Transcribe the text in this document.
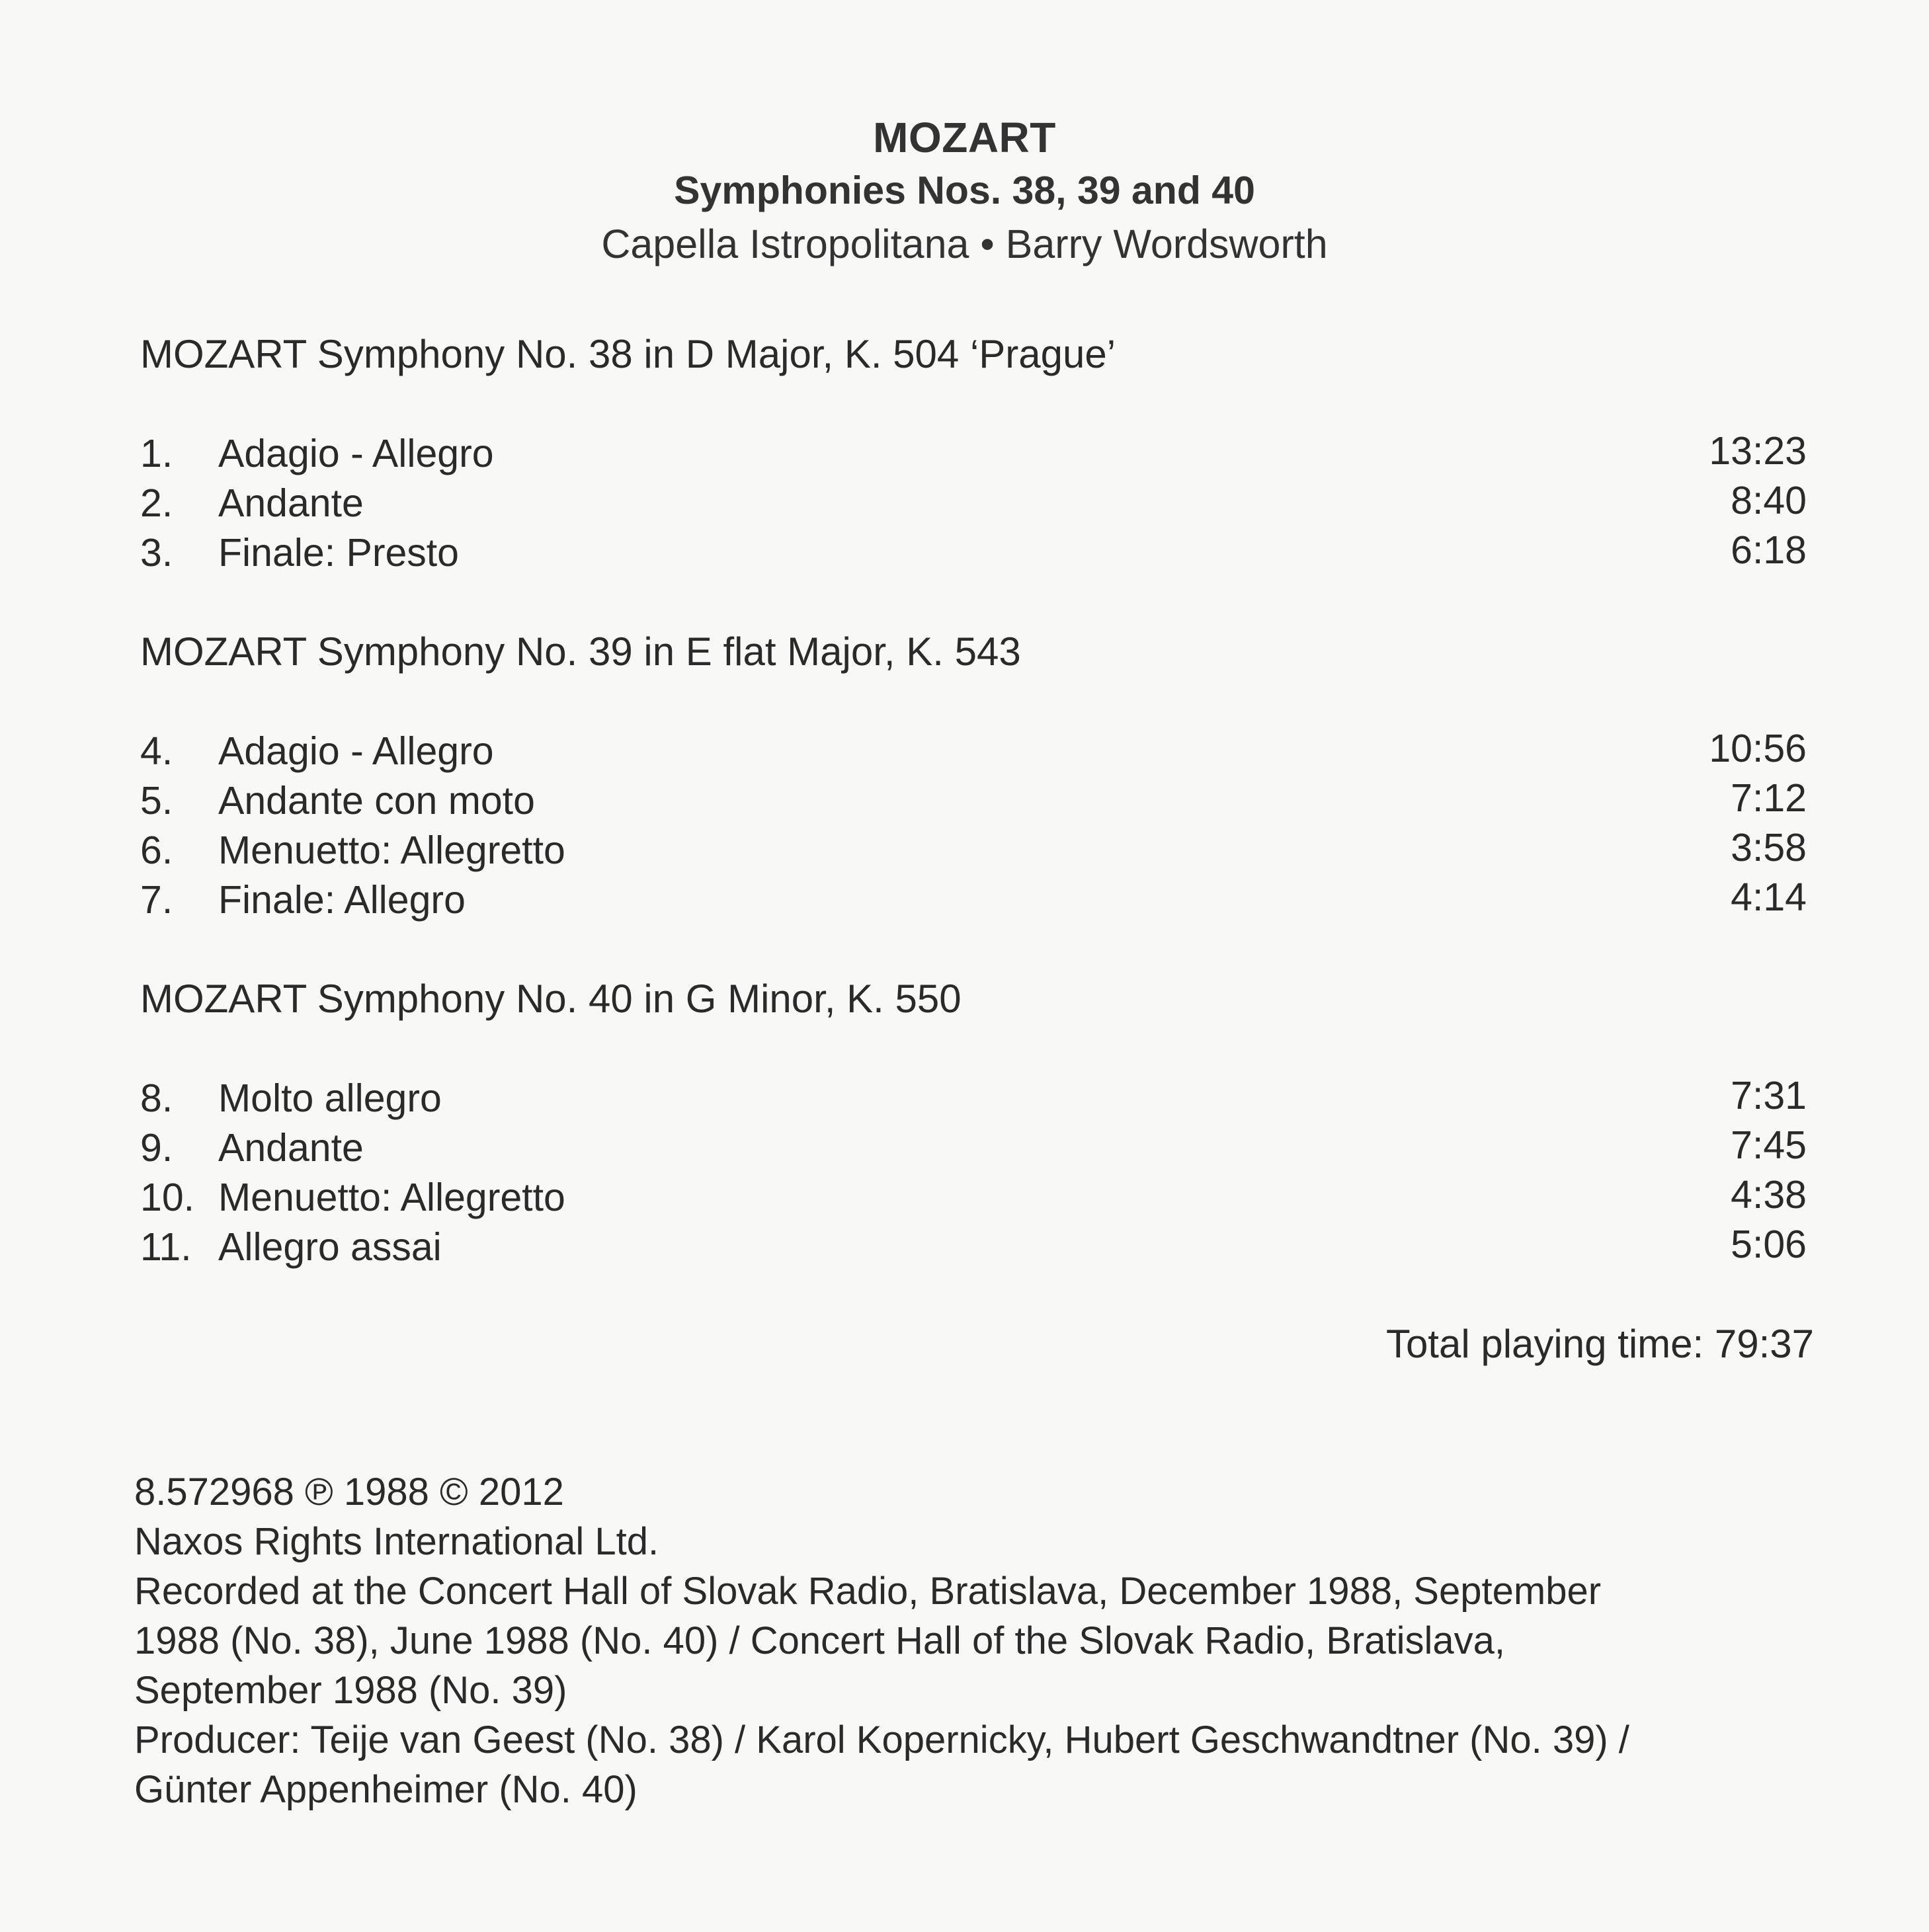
MOZART
Symphonies Nos. 38, 39 and 40
Capella Istropolitana • Barry Wordsworth
MOZART Symphony No. 38 in D Major, K. 504 ‘Prague’
1. Adagio - Allegro	13:23
2. Andante	8:40
3. Finale: Presto	6:18
MOZART Symphony No. 39 in E flat Major, K. 543
4. Adagio - Allegro	10:56
5. Andante con moto	7:12
6. Menuetto: Allegretto	3:58
7. Finale: Allegro	4:14
MOZART Symphony No. 40 in G Minor, K. 550
8. Molto allegro	7:31
9. Andante	7:45
10. Menuetto: Allegretto	4:38
11. Allegro assai	5:06
Total playing time: 79:37
8.572968 ℗ 1988 © 2012
Naxos Rights International Ltd.
Recorded at the Concert Hall of Slovak Radio, Bratislava, December 1988, September
1988 (No. 38), June 1988 (No. 40) / Concert Hall of the Slovak Radio, Bratislava,
September 1988 (No. 39)
Producer: Teije van Geest (No. 38) / Karol Kopernicky, Hubert Geschwandtner (No. 39) /
Günter Appenheimer (No. 40)
